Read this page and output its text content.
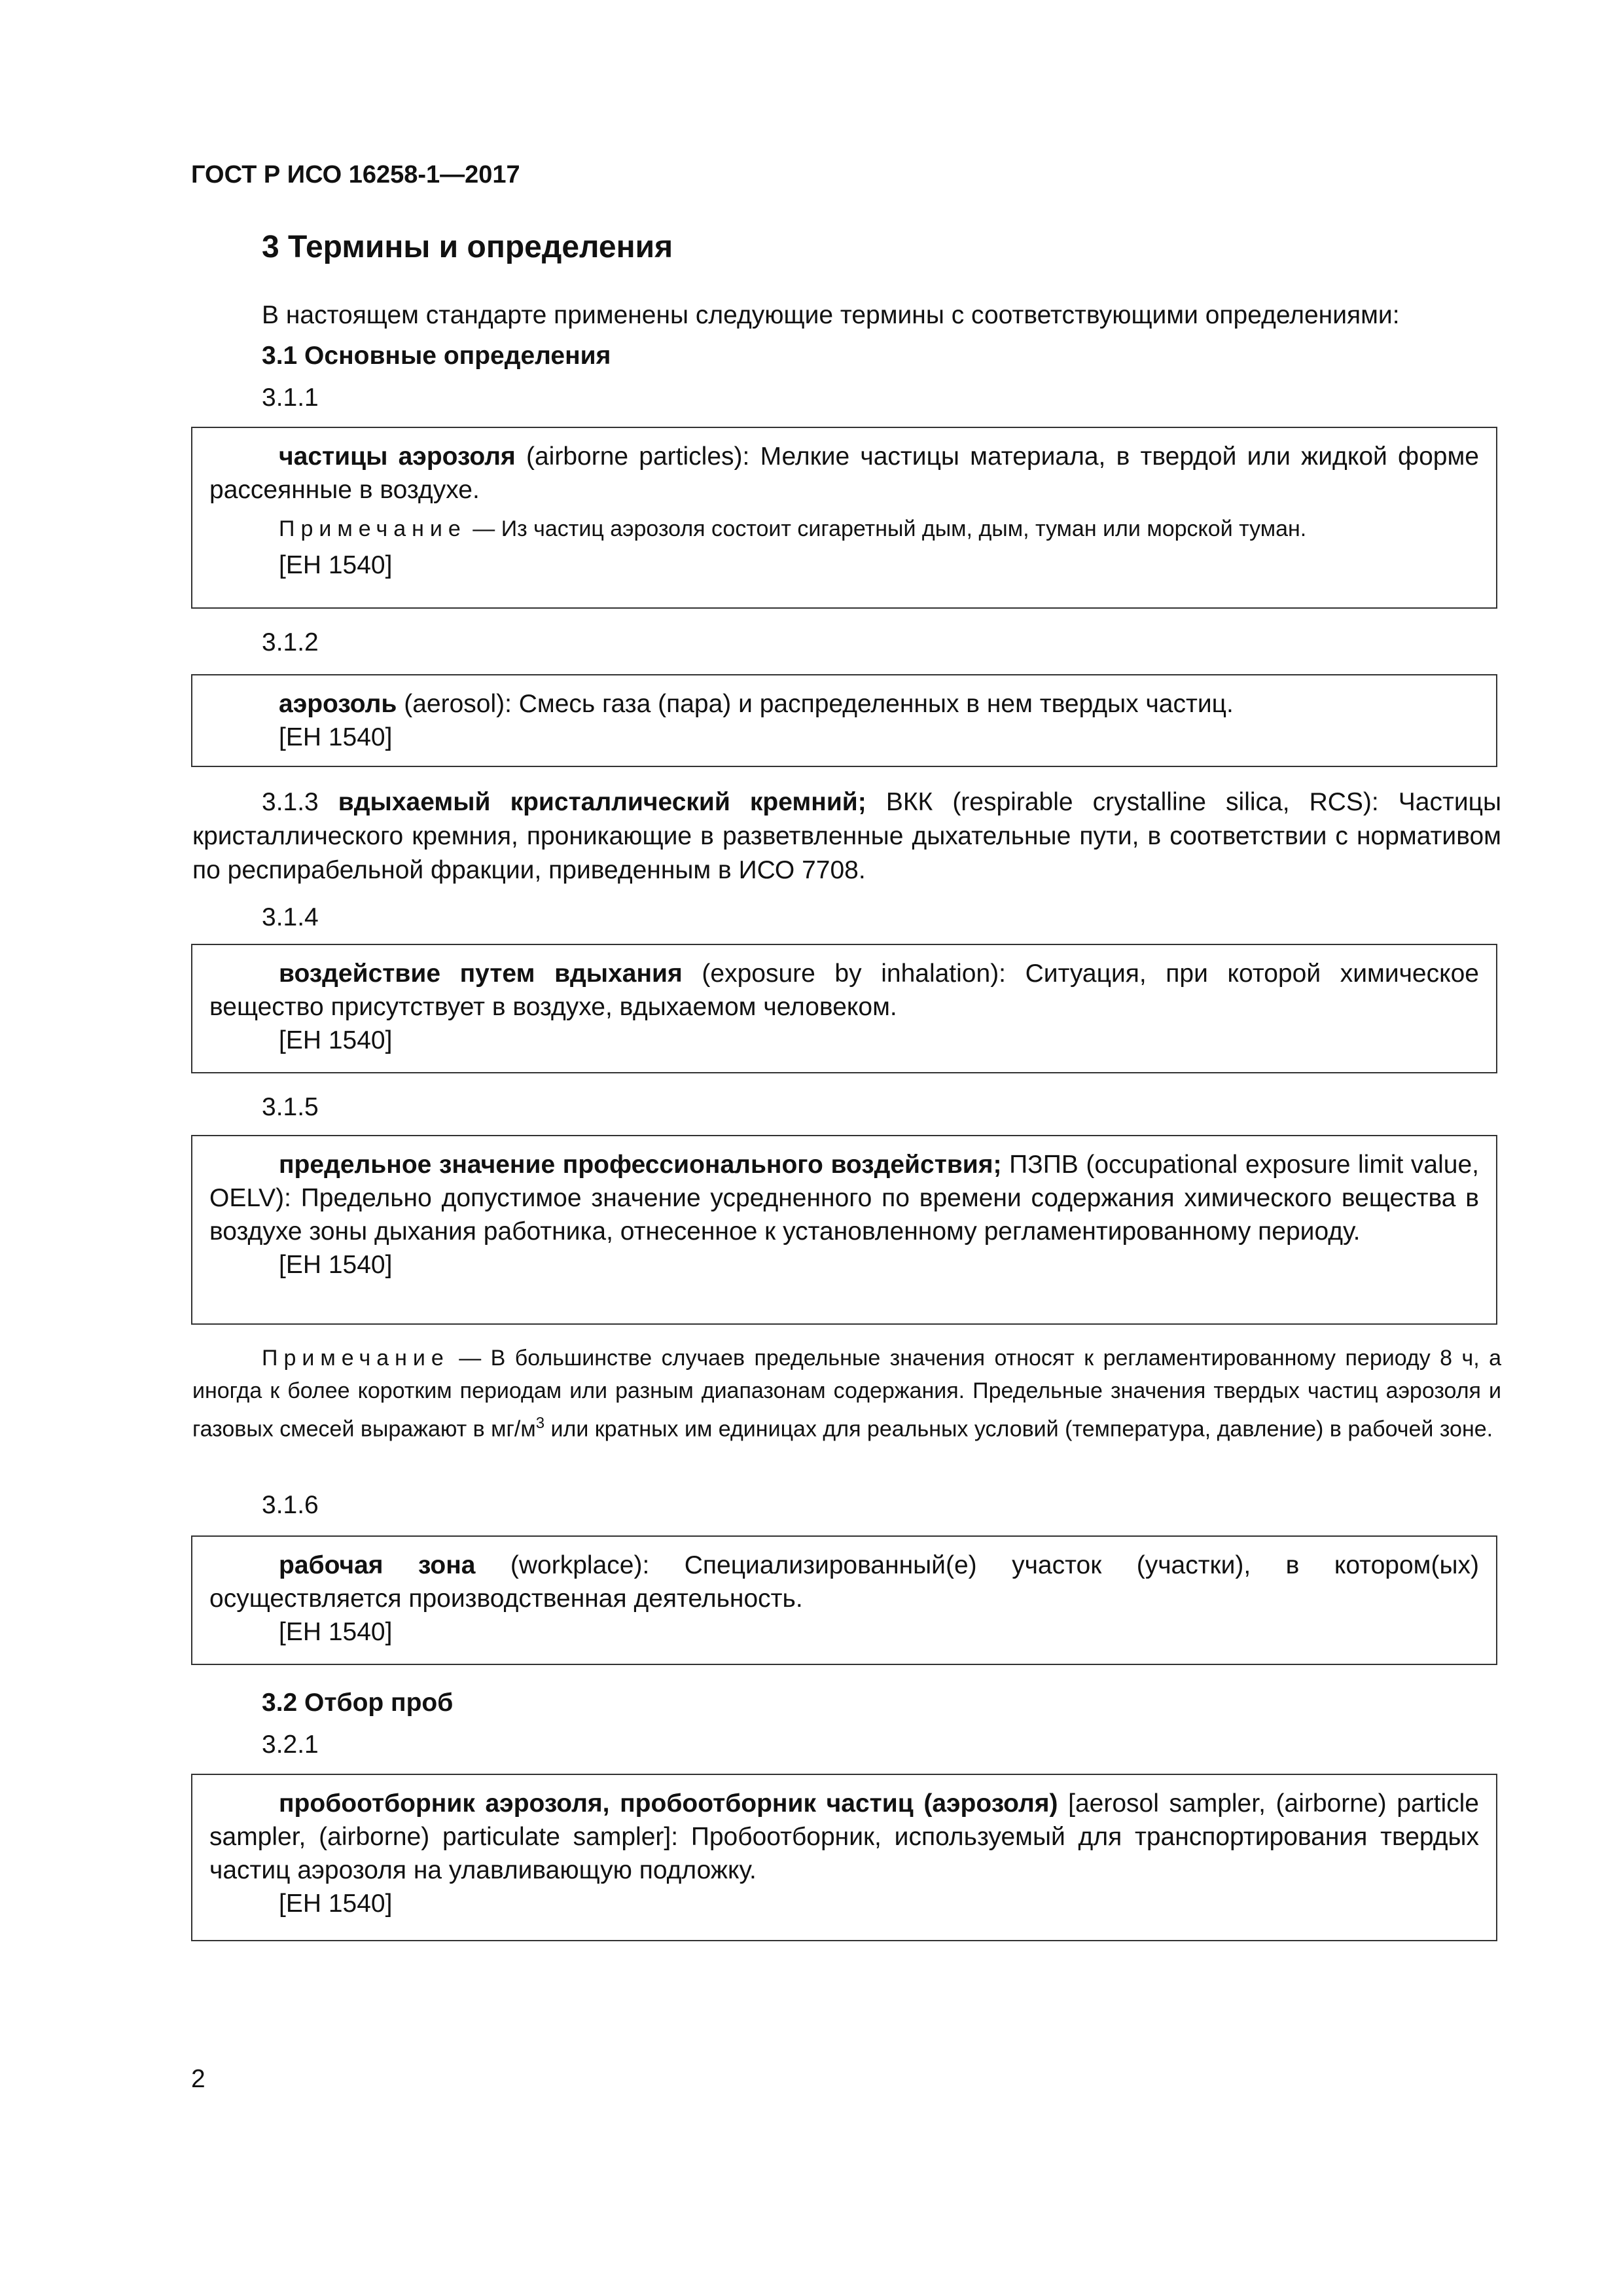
ГОСТ Р ИСО 16258-1—2017
3 Термины и определения
В настоящем стандарте применены следующие термины с соответствующими определениями:
3.1 Основные определения
3.1.1

частицы аэрозоля (airborne particles): Мелкие частицы материала, в твердой или жидкой форме рассеянные в воздухе.

Примечание — Из частиц аэрозоля состоит сигаретный дым, дым, туман или морской туман.

[ЕН 1540]

3.1.2

аэрозоль (aerosol): Смесь газа (пара) и распределенных в нем твердых частиц.

[ЕН 1540]

3.1.3 вдыхаемый кристаллический кремний; ВКК (respirable crystalline silica, RCS): Частицы кристаллического кремния, проникающие в разветвленные дыхательные пути, в соответствии с нормативом по респирабельной фракции, приведенным в ИСО 7708.
3.1.4

воздействие путем вдыхания (exposure by inhalation): Ситуация, при которой химическое вещество присутствует в воздухе, вдыхаемом человеком.

[ЕН 1540]

3.1.5

предельное значение профессионального воздействия; ПЗПВ (occupational exposure limit value, OELV): Предельно допустимое значение усредненного по времени содержания химического вещества в воздухе зоны дыхания работника, отнесенное к установленному регламентированному периоду.

[ЕН 1540]

Примечание — В большинстве случаев предельные значения относят к регламентированному периоду 8 ч, а иногда к более коротким периодам или разным диапазонам содержания. Предельные значения твердых частиц аэрозоля и газовых смесей выражают в $мг/м^3$ или кратных им единицах для реальных условий (температура, давление) в рабочей зоне.
3.1.6

рабочая зона (workplace): Специализированный(е) участок (участки), в котором(ых) осуществляется производственная деятельность.

[ЕН 1540]

3.2 Отбор проб
3.2.1

пробоотборник аэрозоля, пробоотборник частиц (аэрозоля) [aerosol sampler, (airborne) particle sampler, (airborne) particulate sampler]: Пробоотборник, используемый для транспортирования твердых частиц аэрозоля на улавливающую подложку.

[ЕН 1540]

2
